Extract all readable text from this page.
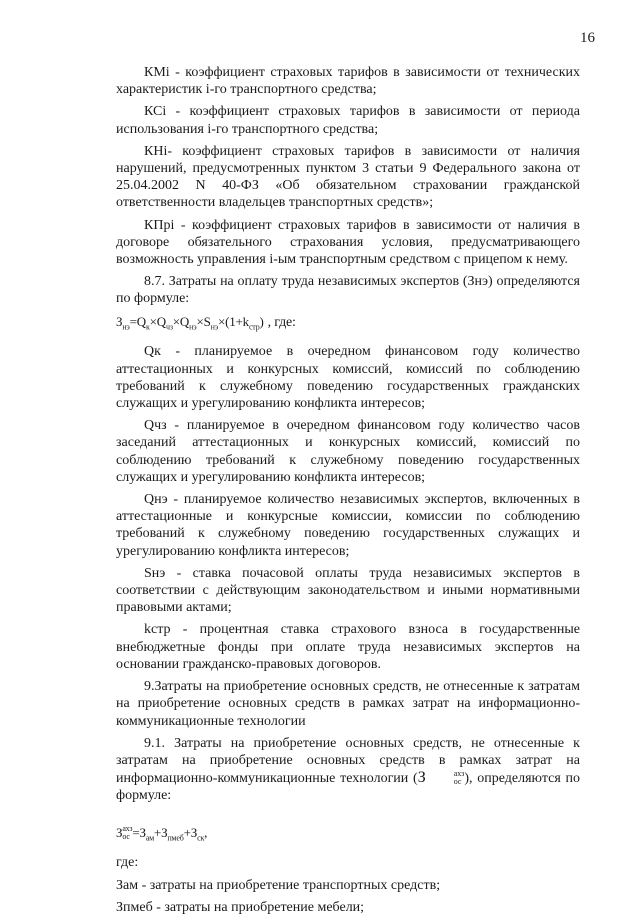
16

КМi - коэффициент страховых тарифов в зависимости от технических характеристик i-го транспортного средства;

КСi - коэффициент страховых тарифов в зависимости от периода использования i-го транспортного средства;

КНi- коэффициент страховых тарифов в зависимости от наличия нарушений, предусмотренных пунктом 3 статьи 9 Федерального закона от 25.04.2002 N 40-ФЗ «Об обязательном страховании гражданской ответственности владельцев транспортных средств»;

КПрi - коэффициент страховых тарифов в зависимости от наличия в договоре обязательного страхования условия, предусматривающего возможность управления i-ым транспортным средством с прицепом к нему.

8.7. Затраты на оплату труда независимых экспертов (Знэ) определяются по формуле:

$З_{нэ}=Q_к\times Q_{чз}\times Q_{нэ}\times S_{нэ}\times(1+k_{стр})$ , где:

Qк - планируемое в очередном финансовом году количество аттестационных и конкурсных комиссий, комиссий по соблюдению требований к служебному поведению государственных гражданских служащих и урегулированию конфликта интересов;

Qчз - планируемое в очередном финансовом году количество часов заседаний аттестационных и конкурсных комиссий, комиссий по соблюдению требований к служебному поведению государственных служащих и урегулированию конфликта интересов;

Qнэ - планируемое количество независимых экспертов, включенных в аттестационные и конкурсные комиссии, комиссии по соблюдению требований к служебному поведению государственных служащих и урегулированию конфликта интересов;

Sнэ - ставка почасовой оплаты труда независимых экспертов в соответствии с действующим законодательством и иными нормативными правовыми актами;

kстр - процентная ставка страхового взноса в государственные внебюджетные фонды при оплате труда независимых экспертов на основании гражданско-правовых договоров.

9.Затраты на приобретение основных средств, не отнесенные к затратам на приобретение основных средств в рамках затрат на информационно-коммуникационные технологии

9.1. Затраты на приобретение основных средств, не отнесенные к затратам на приобретение основных средств в рамках затрат на информационно-коммуникационные технологии (З	ахз
ос ), определяются по формуле:

З ахз
ос $=З_{ам}+З_{пмеб}+З_{ск}$,

где:

Зам - затраты на приобретение транспортных средств;

Зпмеб - затраты на приобретение мебели;
